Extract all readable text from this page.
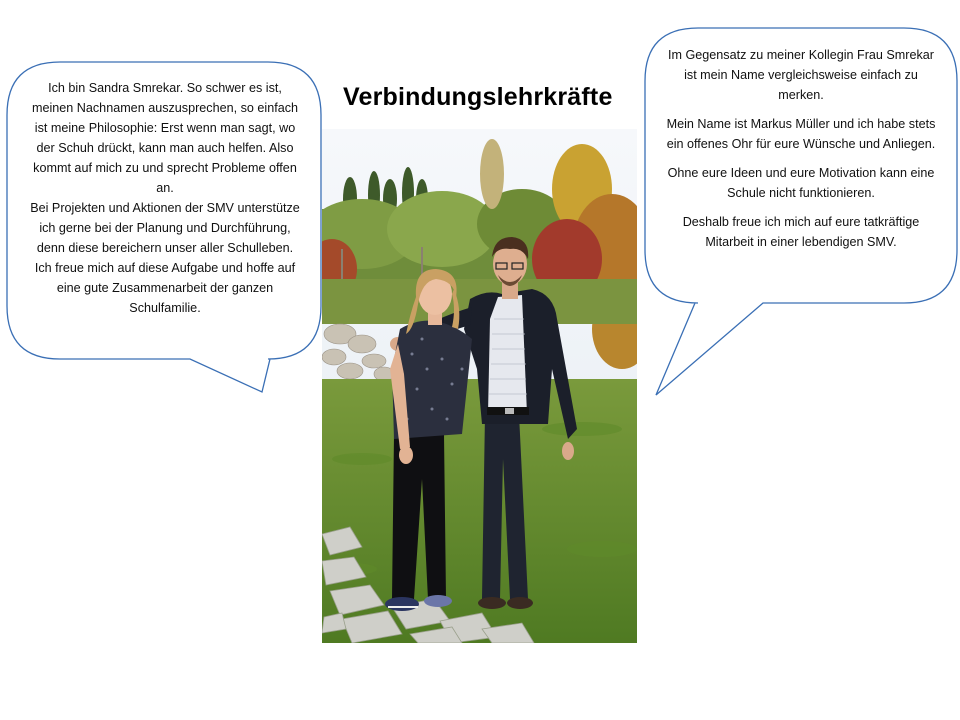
Verbindungslehrkräfte

Ich bin Sandra Smrekar. So schwer es ist, meinen Nachnamen auszusprechen, so einfach ist meine Philosophie: Erst wenn man sagt, wo der Schuh drückt, kann man auch helfen. Also kommt auf mich zu und sprecht Probleme offen an.

Bei Projekten und Aktionen der SMV unterstütze ich gerne bei der Planung und Durchführung, denn diese bereichern unser aller Schulleben.

Ich freue mich auf diese Aufgabe und hoffe auf eine gute Zusammenarbeit der ganzen Schulfamilie.

Im Gegensatz zu meiner Kollegin Frau Smrekar ist mein Name vergleichsweise einfach zu merken.

Mein Name ist Markus Müller und ich habe stets ein offenes Ohr für eure Wünsche und Anliegen.

Ohne eure Ideen und eure Motivation kann eine Schule nicht funktionieren.

Deshalb freue ich mich auf eure tatkräftige Mitarbeit in einer lebendigen SMV.
